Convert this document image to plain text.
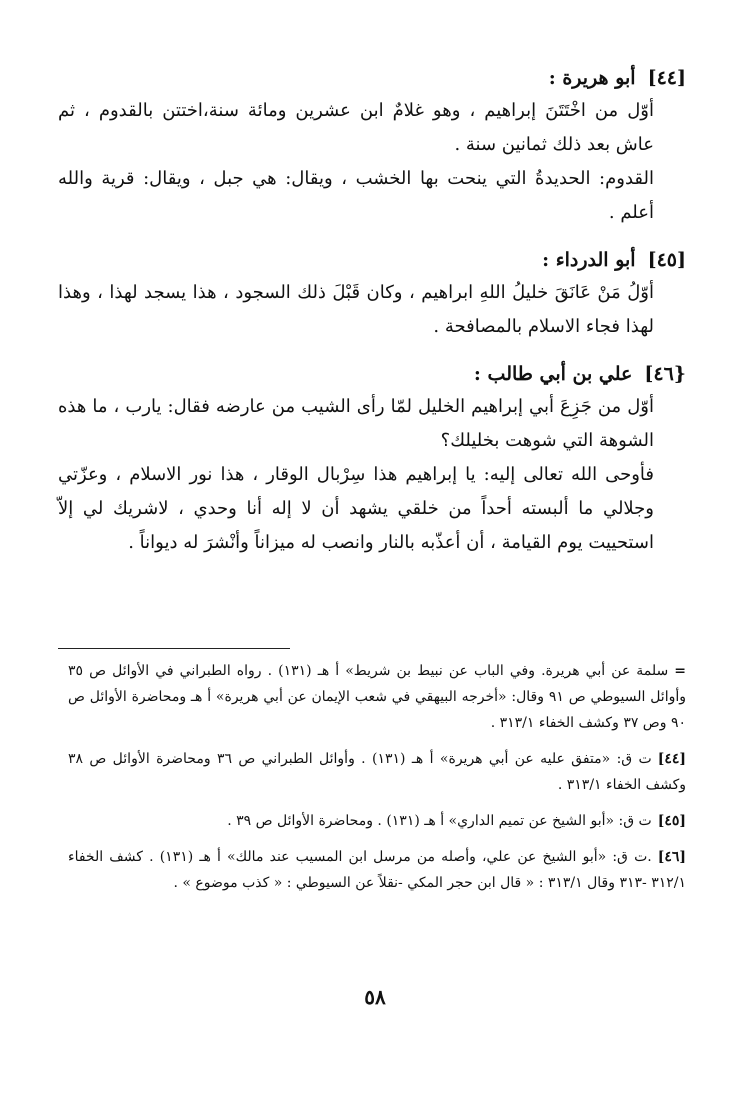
[٤٤]أبو هريرة :

أوّل من اخْتَتَنَ إبراهيم ، وهو غلامٌ ابن عشرين ومائة سنة،اختتن بالقدوم ، ثم عاش بعد ذلك ثمانين سنة .

القدوم: الحديدةُ التي ينحت بها الخشب ، ويقال: هي جبل ، ويقال: قرية والله أعلم .

[٤٥]أبو الدرداء :

أوّلُ مَنْ عَانَقَ خليلُ اللهِ ابراهيم ، وكان قَبْلَ ذلك السجود ، هذا يسجد لهذا ، وهذا لهذا فجاء الاسلام بالمصافحة .

{٤٦]علي بن أبي طالب :

أوّل من جَزِعَ أبي إبراهيم الخليل لمّا رأى الشيب من عارضه فقال: يارب ، ما هذه الشوهة التي شوهت بخليلك؟

فأوحى الله تعالى إليه: يا إبراهيم هذا سِرْبال الوقار ، هذا نور الاسلام ، وعزّتي وجلالي ما ألبسته أحداً من خلقي يشهد أن لا إله أنا وحدي ، لاشريك لي إلاّ استحييت يوم القيامة ، أن أعذّبه بالنار وانصب له ميزاناً وأنْشرَ له ديواناً .

=سلمة عن أبي هريرة. وفي الباب عن نبيط بن شريط» أ هـ (١٣١) . رواه الطبراني في الأوائل ص ٣٥ وأوائل السيوطي ص ٩١ وقال: «أخرجه البيهقي في شعب الإيمان عن أبي هريرة» أ هـ ومحاضرة الأوائل ص ٩٠ وص ٣٧ وكشف الخفاء ٣١٣/١ .
[٤٤]ت ق: «متفق عليه عن أبي هريرة» أ هـ (١٣١) . وأوائل الطبراني ص ٣٦ ومحاضرة الأوائل ص ٣٨ وكشف الخفاء ٣١٣/١ .
[٤٥]ت ق: «أبو الشيخ عن تميم الداري» أ هـ (١٣١) . ومحاضرة الأوائل ص ٣٩ .
[٤٦].ت ق: «أبو الشيخ عن علي، وأصله من مرسل ابن المسيب عند مالك» أ هـ (١٣١) . كشف الخفاء ٣١٢/١ -٣١٣ وقال ٣١٣/١ : « قال ابن حجر المكي -نقلاً عن السيوطي : « كذب موضوع » .
٥٨
